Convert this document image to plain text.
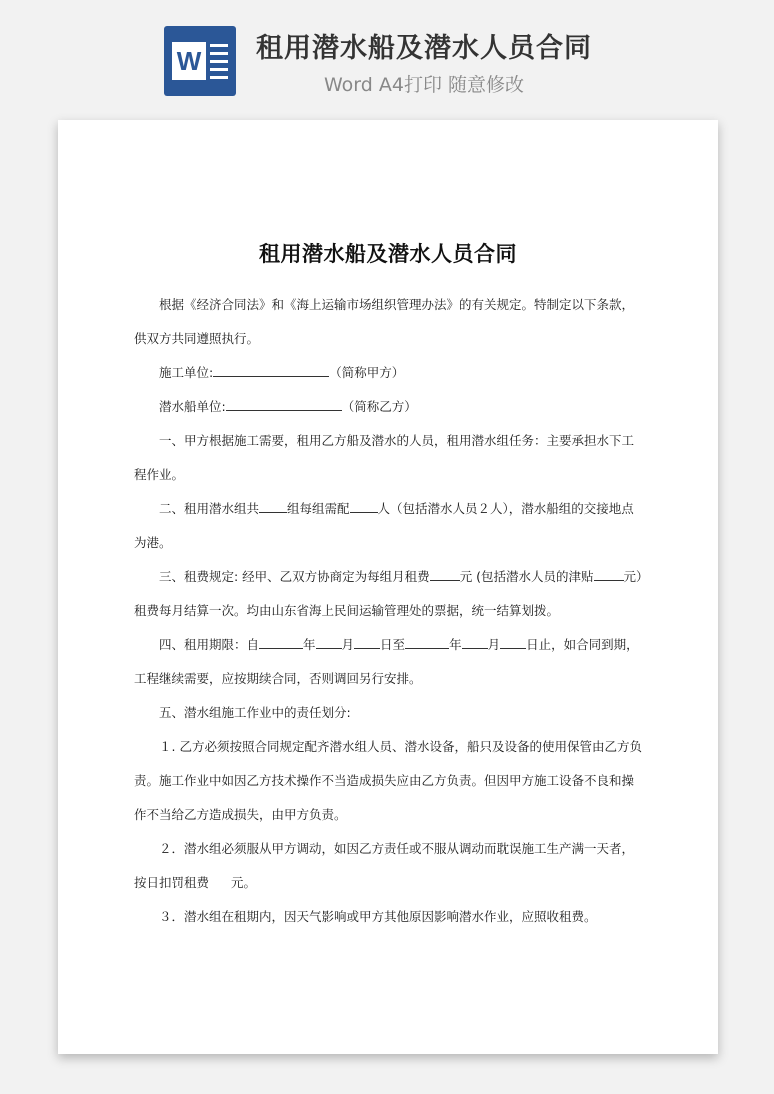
W 租用潜水船及潜水人员合同
Word A4打印 随意修改
租用潜水船及潜水人员合同

根据《经济合同法》和《海上运输市场组织管理办法》的有关规定。特制定以下条款，供双方共同遵照执行。

施工单位:	（简称甲方）

潜水船单位:	（简称乙方）

一、甲方根据施工需要，租用乙方船及潜水的人员，租用潜水组任务：主要承担水下工程作业。

二、租用潜水组共 组每组需配 人（包括潜水人员２人），潜水船组的交接地点为港。

三、租费规定: 经甲、乙双方协商定为每组月租费 元 (包括潜水人员的津贴 元）租费每月结算一次。均由山东省海上民间运输管理处的票据，统一结算划拨。

四、租用期限：自	年 月 日至	年 月 日止，如合同到期，工程继续需要，应按期续合同，否则调回另行安排。

五、潜水组施工作业中的责任划分:

１. 乙方必须按照合同规定配齐潜水组人员、潜水设备，船只及设备的使用保管由乙方负责。施工作业中如因乙方技术操作不当造成损失应由乙方负责。但因甲方施工设备不良和操作不当给乙方造成损失，由甲方负责。

２．潜水组必须服从甲方调动，如因乙方责任或不服从调动而耽误施工生产满一天者，按日扣罚租费 元。

３．潜水组在租期内，因天气影响或甲方其他原因影响潜水作业，应照收租费。
